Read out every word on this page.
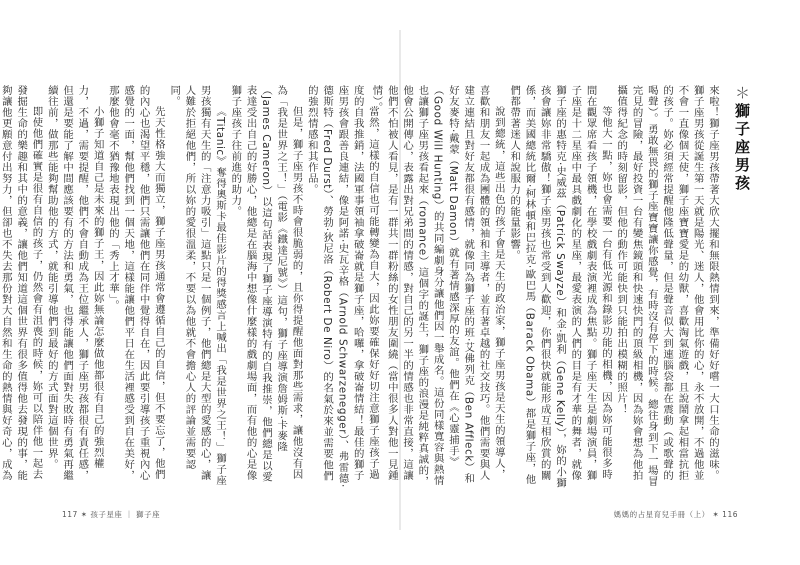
＊獅子座男孩

來啦！獅子座男孩帶著大欣大擺和無限熱情到來，準備好好嚐一大口生命的滋味。獅子座男孩從誕生第一天就是陽光、迷人，他會用比你的心，永不放開，不過他並不會一直像個天使，獅子座寶寶愛是的幼獸，喜歡淘氣遊戲，且說鬧拿起相當抗拒的孩子。妳必須經常提醒他隆低聲量，但是聲音似大到連腦袋都在震動（或歌聲的喝聲）。勇敢無畏的獅子座寶寶讓你感覺，有時沒有停下的時候。總往身到下一場冒完見的冒險，最好投資一台有變焦鏡頭和快速快門的頂級相機，因為妳會想為他拍攝值得紀念的時刻留影，但他的動作可能快到只能拍出模糊的照片！

等他大一點，妳也會需要一台有低光源和錄影功能的相機，因為妳可能很多時間在觀眾席看孩子領機，在學校戲劇表演裡成為焦點。獅子座天生是劇場演員，獅子座是十二星座中最具戲劇化的星座，最愛表演的人們的目是有才華的舞者，就像獅子座的惠特克·史威茲（Patrick Swayze）和金·凱利（Gene Kelly），妳的小獅孩會讓妳非常驕傲！獅子座男孩也常受到人歡迎，你們很快就能形成互相欣賞的關係，而美國總統比爾·柯林頓和巴拉克·歐巴馬（Barack Obama）都是獅子座，他們都帶著迷人和說服力的能量影響。

說到總統，這些出色的孩子會是天生的政治家，獅子座男孩是天生的領導人，喜歡和朋友一起成為團體的領袖和主導者，並有著卓越的社交技巧。他們需要與人建立連結且對好友都很有感情，就像同為獅子座的班·艾佛列克（Ben Affleck）和好友麥特·戴蒙（Matt Damon）就有著情感深厚的友誼。他們在《心靈捕手》（Good Will Hunting）的共同編劇身分讓他們因一舉成名。這份同樣寬容與熱情也讓獅子座男孩看起來（romance）這個字的誕生，獅子座的浪漫是純粹真誠的，他會公開傳心，表露出對兄弟間的情感，對自己的另一半的情感也非常直接，這讓他們不怕被人看見，是有一群共一群粉絲的女性朋友圍繞（當中很多人對他一見鍾情）。

媽媽的占星育兒手冊（上） ✶ 116

當然，這樣的自信也可能轉變為自大，因此妳要確保好好切注意獅子座孩子過度的自我推銷，法國軍事領袖拿破崙就是獅子座，哈囉，拿破崙情結！最佳的獅子座男孩會跟善良連結，像是阿諾·史瓦辛格（Arnold Schwarzenegger）、弗雷德·德斯特（Fred Durst）、勞勃·狄尼洛（Robert De Niro）的名氣於來並需要他們的強烈情感和其作品。

但是，獅子座男孩不時會很脆弱的，且你得提醒他面對那些需求，讓他沒有因為「我是世界之王！」（電影《鐵達尼號》）這句，獅子座導演詹姆斯·卡麥隆（James Cameron）以這句話表現了獅子座導演特有的自我推崇，他們總是以愛表達受出自己的好勝心，他總是在腦海中想像什麼樣的戲劇場面，而有他的心是像獅子座孩子往前進的助力。

《Titanic》奪得奧斯卡最佳影片的得獎感言上喊出「我是世界之王！」獅子座男孩獨有天生的「注意力吸引」這點只是一個例子，他們總是大型的愛感的心，讓人難於拒絕他們，所以妳的愛很溫柔，不要以為他就不會擔心人的評論並需要認同。

先天性格強大而獨立，獅子座男孩通常會遵循自己的自信，但不要忘了，他們的內心也渴望平穩，他們只需讓他們在同伴中覺得自在，因此要引導孩子重視內心感覺的一面，幫他們找到一個天地，這樣能讓他們平日在生活裡感受到自在美好，那麼他會毫不猶豫地表現出他的「秀上才華」。

小獅子知道自己是未來的獅子王，因此妳無論怎麼做他都很有自己的強烈權力，不過，需要提醒，他們不會自動成為王位繼承人，獅子座男孩都很有責任感，但還是要能了解中間應該要有的方法和勇氣，也得能讓他們面對失敗時有勇氣再繼續往前，做那些能夠幫助他的方式，就能引導他們到最好的方式面對這個世界。

即使他們確實是很有自信的孩子，仍然會有沮喪的時候，妳可以陪伴他一起去發掘生命的樂趣和其中的意義，讓他們知道這個世界有很多值得他去發現的事，能夠讓他更願意付出努力，但卻也不失去那份對大自然和生命的熱情與好奇心，成為

117 ✶ 孩子星座 ｜ 獅子座
